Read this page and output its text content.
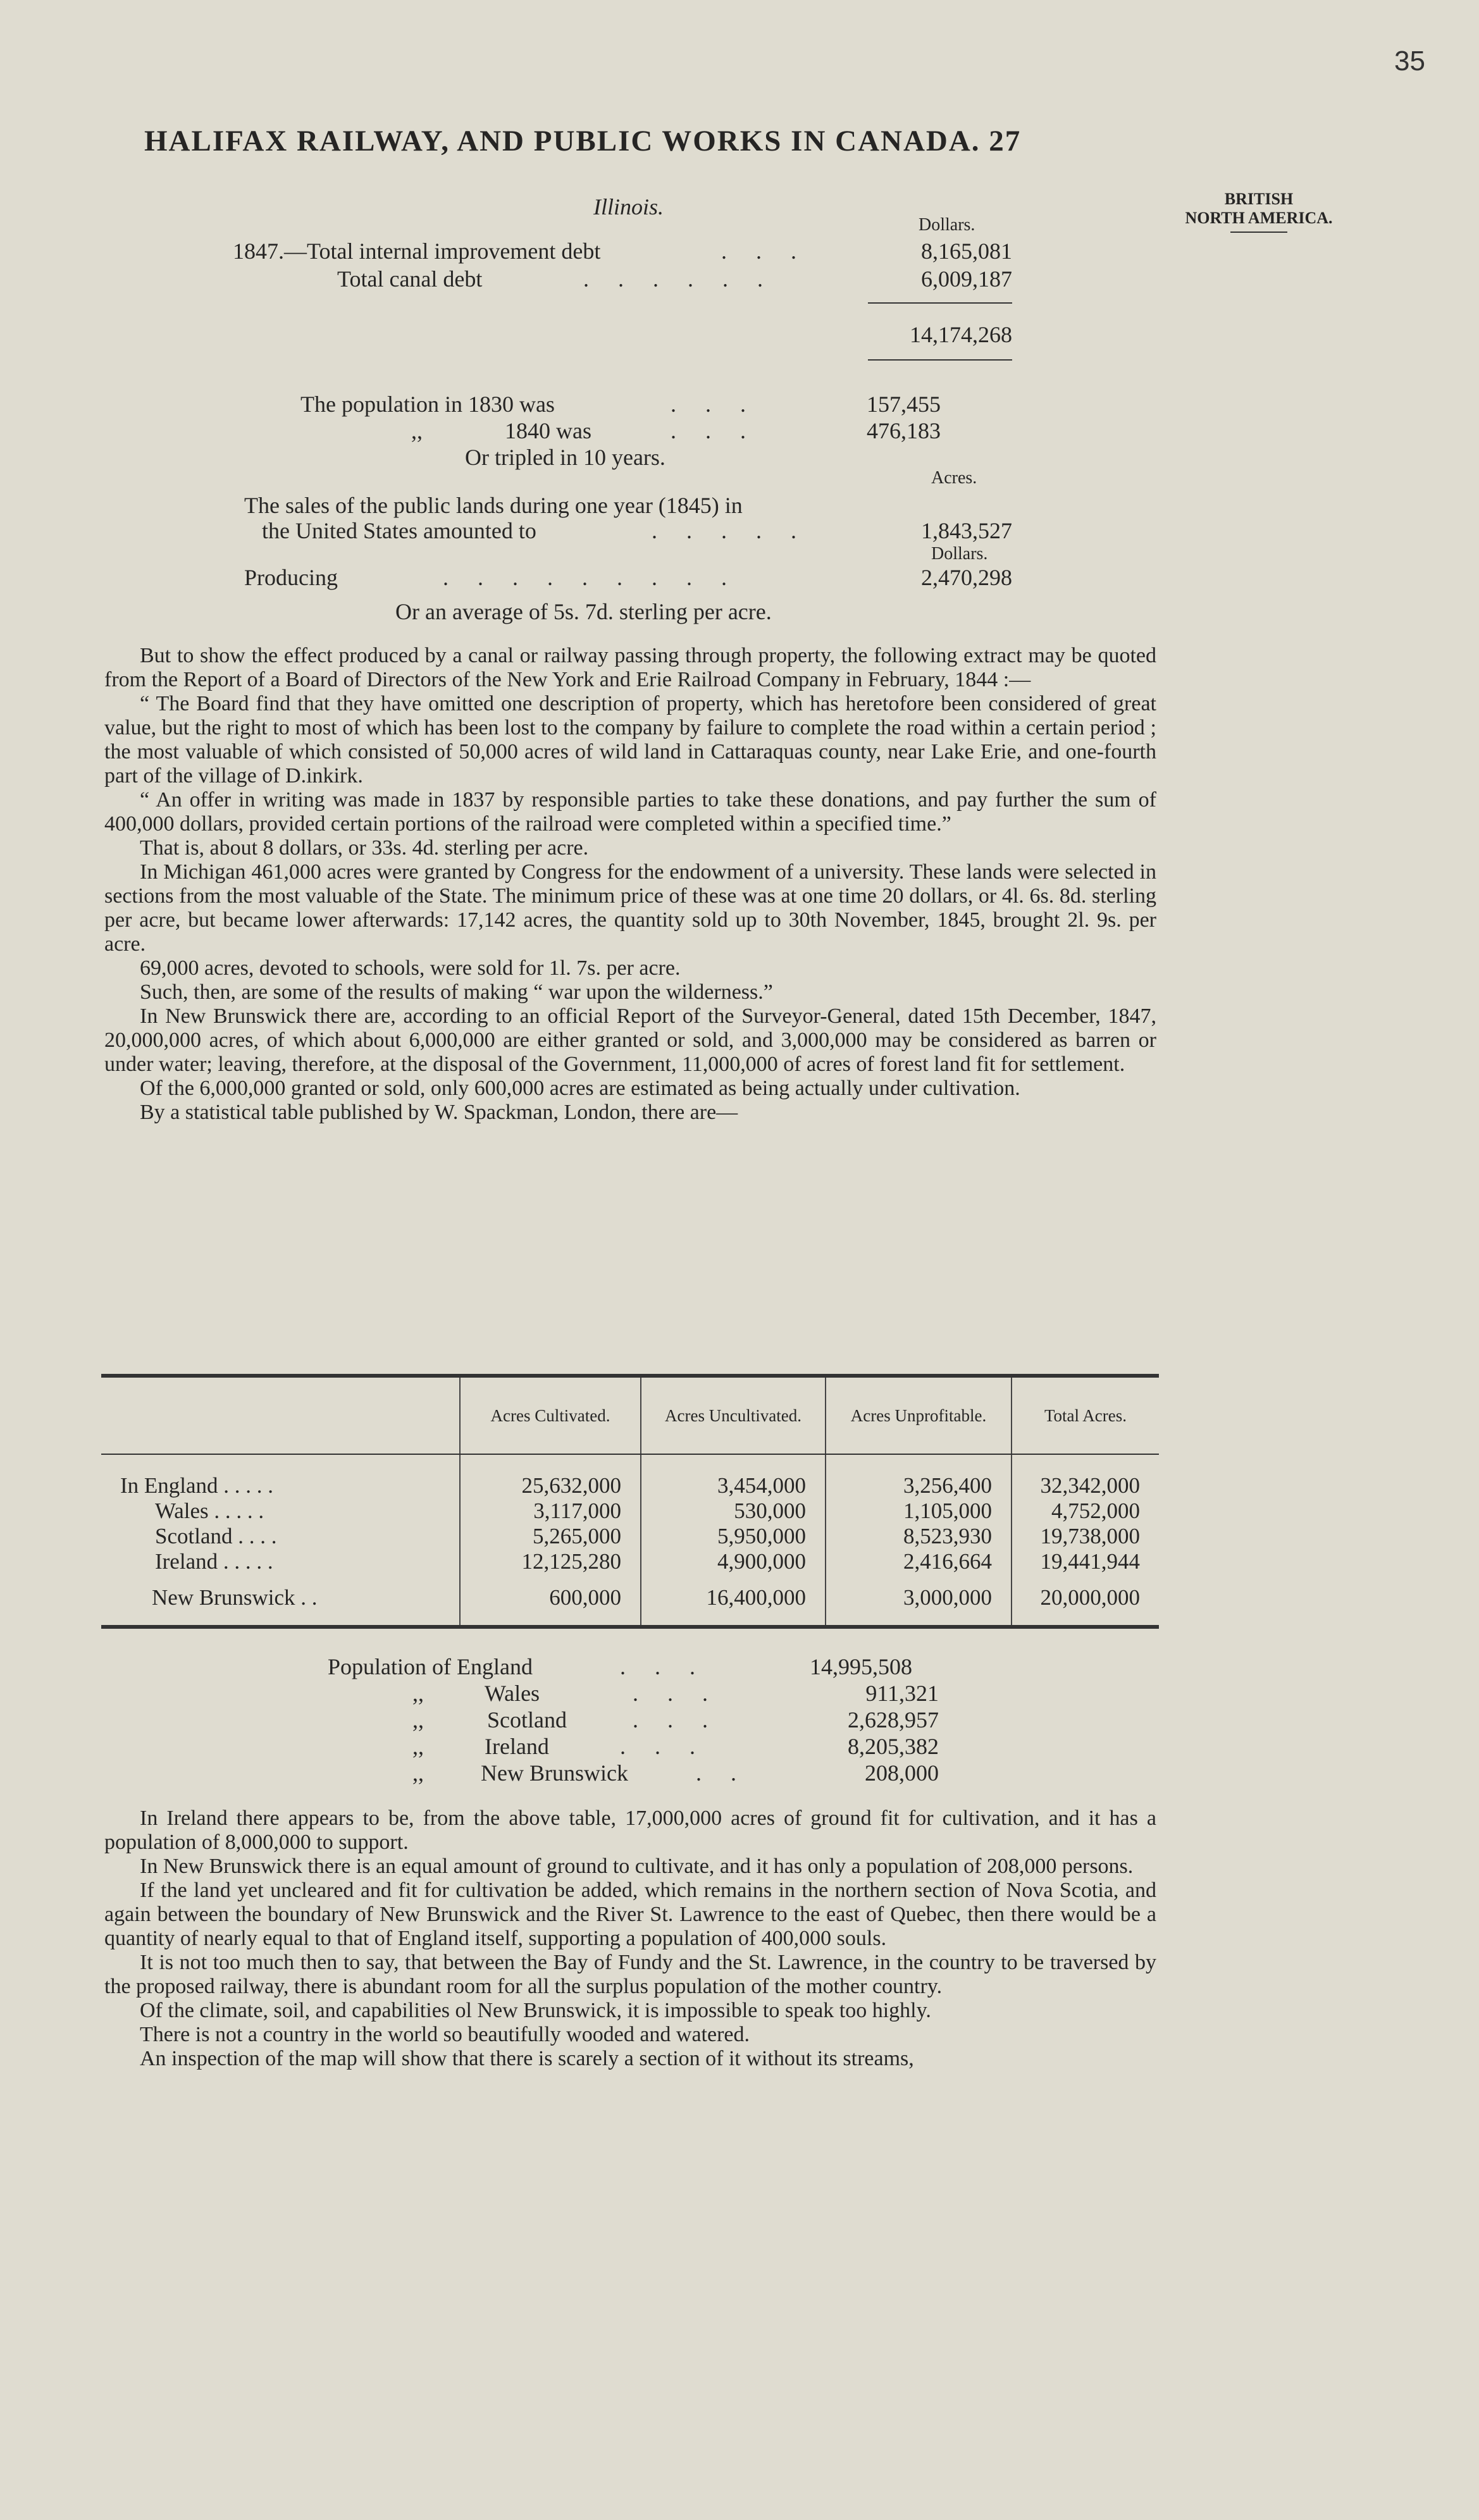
35
HALIFAX RAILWAY, AND PUBLIC WORKS IN CANADA. 27
BRITISH
NORTH AMERICA.
Illinois.
Dollars.
1847.—Total internal improvement debt	...	8,165,081
Total canal debt	......	6,009,187
14,174,268
The population in 1830 was	...	157,455
,,	1840 was	...	476,183
Or tripled in 10 years.
Acres.
The sales of the public lands during one year (1845) in
the United States amounted to	.....	1,843,527
Dollars.
Producing	.........	2,470,298
Or an average of 5s. 7d. sterling per acre.

But to show the effect produced by a canal or railway passing through property, the following extract may be quoted from the Report of a Board of Directors of the New York and Erie Railroad Company in February, 1844 :—

“ The Board find that they have omitted one description of property, which has heretofore been considered of great value, but the right to most of which has been lost to the company by failure to complete the road within a certain period ; the most valuable of which consisted of 50,000 acres of wild land in Cattaraquas county, near Lake Erie, and one-fourth part of the village of D.inkirk.

“ An offer in writing was made in 1837 by responsible parties to take these donations, and pay further the sum of 400,000 dollars, provided certain portions of the railroad were completed within a specified time.”

That is, about 8 dollars, or 33s. 4d. sterling per acre.

In Michigan 461,000 acres were granted by Congress for the endowment of a university. These lands were selected in sections from the most valuable of the State. The minimum price of these was at one time 20 dollars, or 4l. 6s. 8d. sterling per acre, but became lower afterwards: 17,142 acres, the quantity sold up to 30th November, 1845, brought 2l. 9s. per acre.

69,000 acres, devoted to schools, were sold for 1l. 7s. per acre.

Such, then, are some of the results of making “ war upon the wilderness.”

In New Brunswick there are, according to an official Report of the Surveyor-General, dated 15th December, 1847, 20,000,000 acres, of which about 6,000,000 are either granted or sold, and 3,000,000 may be considered as barren or under water; leaving, therefore, at the disposal of the Government, 11,000,000 of acres of forest land fit for settlement.

Of the 6,000,000 granted or sold, only 600,000 acres are estimated as being actually under cultivation.

By a statistical table published by W. Spackman, London, there are—

	Acres Cultivated.	Acres Uncultivated.	Acres Unprofitable.	Total Acres.
In England . . . . .	25,632,000	3,454,000	3,256,400	32,342,000
Wales . . . . .	3,117,000	530,000	1,105,000	4,752,000
Scotland . . . .	5,265,000	5,950,000	8,523,930	19,738,000
Ireland . . . . .	12,125,280	4,900,000	2,416,664	19,441,944
New Brunswick . .	600,000	16,400,000	3,000,000	20,000,000
Population of England	...	14,995,508
,,	Wales	...	911,321
,,	Scotland	...	2,628,957
,,	Ireland	...	8,205,382
,,	New Brunswick	..	208,000

In Ireland there appears to be, from the above table, 17,000,000 acres of ground fit for cultivation, and it has a population of 8,000,000 to support.

In New Brunswick there is an equal amount of ground to cultivate, and it has only a population of 208,000 persons.

If the land yet uncleared and fit for cultivation be added, which remains in the northern section of Nova Scotia, and again between the boundary of New Brunswick and the River St. Lawrence to the east of Quebec, then there would be a quantity of nearly equal to that of England itself, supporting a population of 400,000 souls.

It is not too much then to say, that between the Bay of Fundy and the St. Lawrence, in the country to be traversed by the proposed railway, there is abundant room for all the surplus population of the mother country.

Of the climate, soil, and capabilities ol New Brunswick, it is impossible to speak too highly.

There is not a country in the world so beautifully wooded and watered.

An inspection of the map will show that there is scarely a section of it without its streams,
